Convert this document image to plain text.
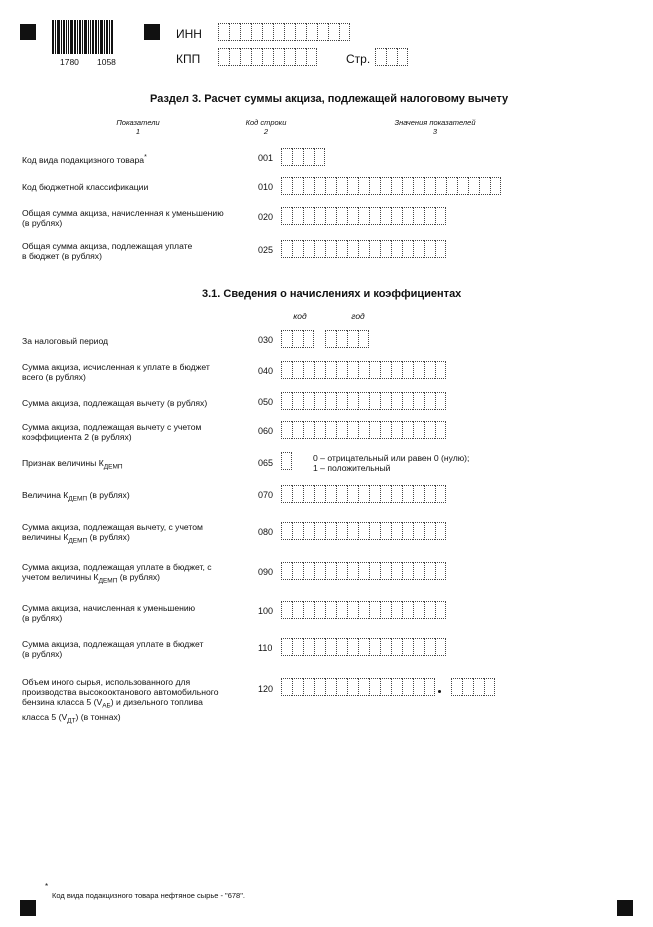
1780 1058
ИНН
КПП	Стр.
Раздел 3. Расчет суммы акциза, подлежащей налоговому вычету
Показатели
1
Код строки
2
Значения показателей
3
Код вида подакцизного товара*	001
Код бюджетной классификации	010
Общая сумма акциза, начисленная к уменьшению
(в рублях)
020
Общая сумма акциза, подлежащая уплате
в бюджет (в рублях)
025
3.1. Сведения о начислениях и коэффициентах
код	год
За налоговый период	030
Сумма акциза, исчисленная к уплате в бюджет
всего (в рублях)
040
Сумма акциза, подлежащая вычету (в рублях)	050
Сумма акциза, подлежащая вычету с учетом
коэффициента 2 (в рублях)
060
Признак величины $К_{ДЕМП}$	065	0 – отрицательный или равен 0 (нулю);
1 – положительный
Величина $К_{ДЕМП}$ (в рублях)	070
Сумма акциза, подлежащая вычету, с учетом
величины $К_{ДЕМП}$ (в рублях)	080
Сумма акциза, подлежащая уплате в бюджет, с
учетом величины $К_{ДЕМП}$ (в рублях)	090
Сумма акциза, начисленная к уменьшению
(в рублях)
100
Сумма акциза, подлежащая уплате в бюджет
(в рублях)
110
Объем иного сырья, использованного для
производства высокооктанового автомобильного
бензина класса 5 $(V_{АБ})$ и дизельного топлива
класса 5 $(V_{ДТ})$ (в тоннах)
120
*
Код вида подакцизного товара нефтяное сырье - "678".
